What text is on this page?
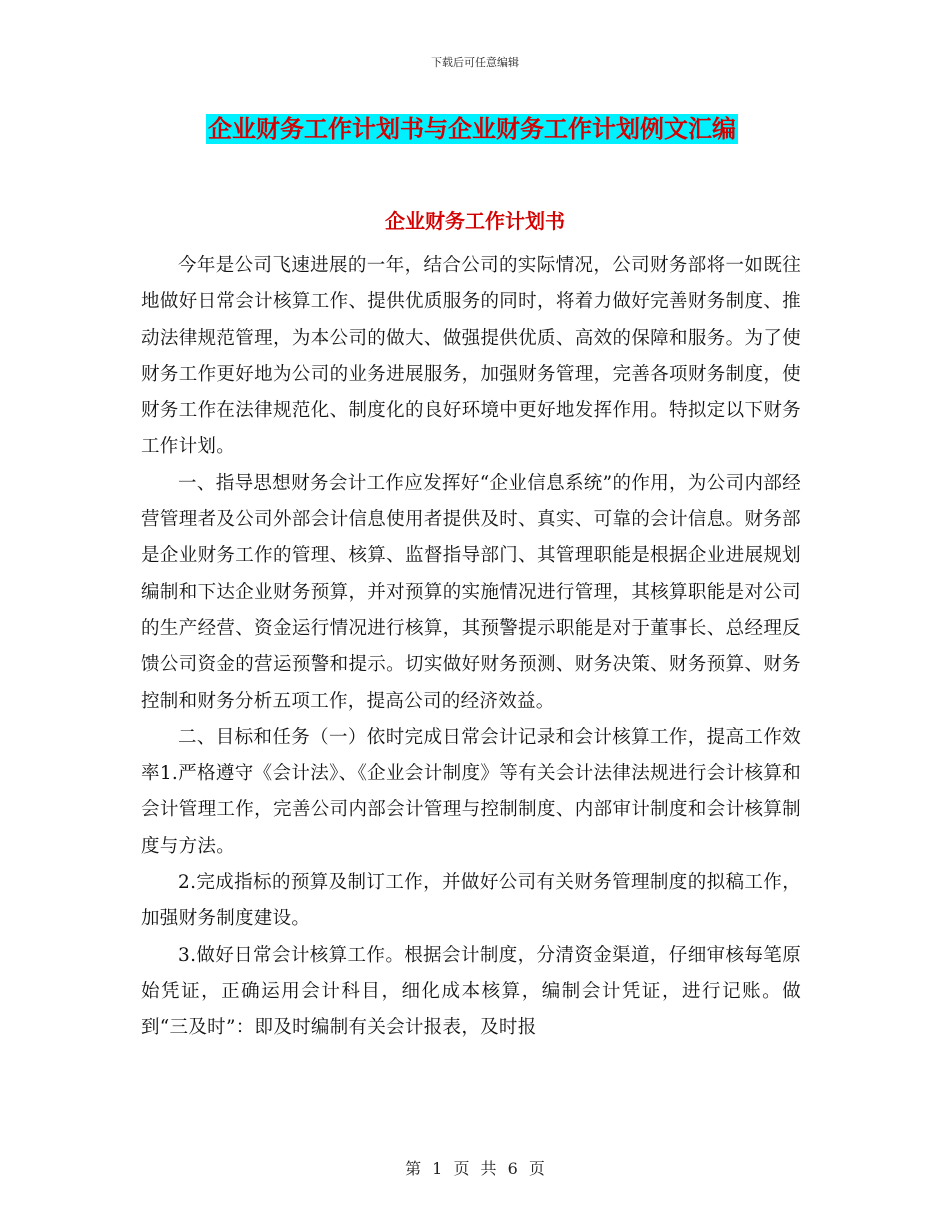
下载后可任意编辑
企业财务工作计划书与企业财务工作计划例文汇编
企业财务工作计划书

今年是公司飞速进展的一年，结合公司的实际情况，公司财务部将一如既往地做好日常会计核算工作、提供优质服务的同时，将着力做好完善财务制度、推动法律规范管理，为本公司的做大、做强提供优质、高效的保障和服务。为了使财务工作更好地为公司的业务进展服务，加强财务管理，完善各项财务制度，使财务工作在法律规范化、制度化的良好环境中更好地发挥作用。特拟定以下财务工作计划。

一、指导思想财务会计工作应发挥好“企业信息系统”的作用，为公司内部经营管理者及公司外部会计信息使用者提供及时、真实、可靠的会计信息。财务部是企业财务工作的管理、核算、监督指导部门、其管理职能是根据企业进展规划编制和下达企业财务预算，并对预算的实施情况进行管理，其核算职能是对公司的生产经营、资金运行情况进行核算，其预警提示职能是对于董事长、总经理反馈公司资金的营运预警和提示。切实做好财务预测、财务决策、财务预算、财务控制和财务分析五项工作，提高公司的经济效益。

二、目标和任务（一）依时完成日常会计记录和会计核算工作，提高工作效率1.严格遵守《会计法》、《企业会计制度》等有关会计法律法规进行会计核算和会计管理工作，完善公司内部会计管理与控制制度、内部审计制度和会计核算制度与方法。

2.完成指标的预算及制订工作，并做好公司有关财务管理制度的拟稿工作，加强财务制度建设。

3.做好日常会计核算工作。根据会计制度，分清资金渠道，仔细审核每笔原始凭证，正确运用会计科目，细化成本核算，编制会计凭证，进行记账。做到“三及时”：即及时编制有关会计报表，及时报

第 1 页 共 6 页
